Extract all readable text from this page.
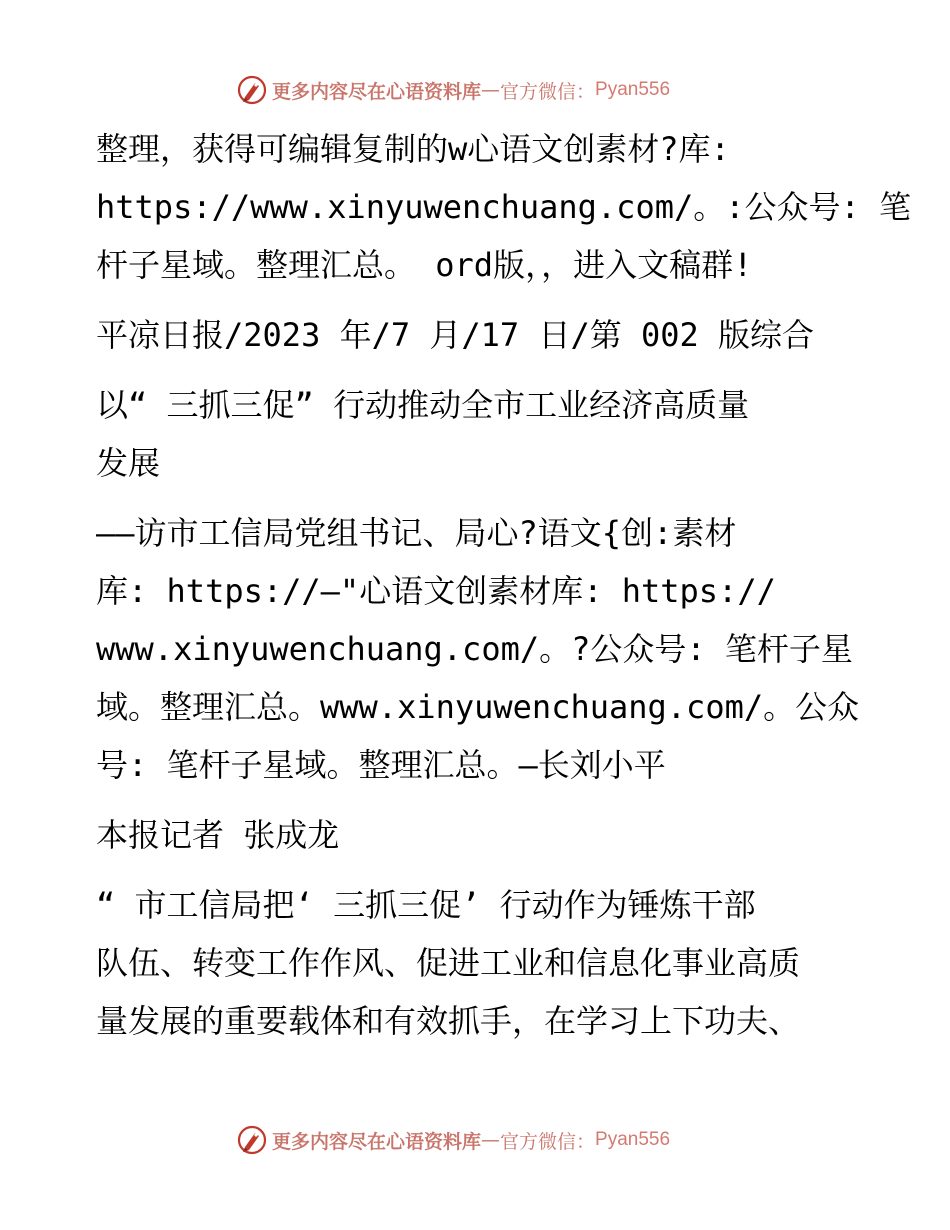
更多内容尽在心语资料库 — 官方微信 ： Pyan556

整理，获得可编辑复制的w心语文创素材?库:

https://www.xinyuwenchuang.com/。:公众号: 笔

杆子星域。整理汇总。 ord版，，进入文稿群!

平凉日报/2023 年/7 月/17 日/第 002 版综合

以“ 三抓三促” 行动推动全市工业经济高质量

发展

——访市工信局党组书记、局心?语文{创:素材

库: https://—"心语文创素材库: https://

www.xinyuwenchuang.com/。?公众号: 笔杆子星

域。整理汇总。www.xinyuwenchuang.com/。公众

号: 笔杆子星域。整理汇总。—长刘小平

本报记者 张成龙

“ 市工信局把‘ 三抓三促’ 行动作为锤炼干部

队伍、转变工作作风、促进工业和信息化事业高质

量发展的重要载体和有效抓手，在学习上下功夫、

更多内容尽在心语资料库 — 官方微信 ： Pyan556
